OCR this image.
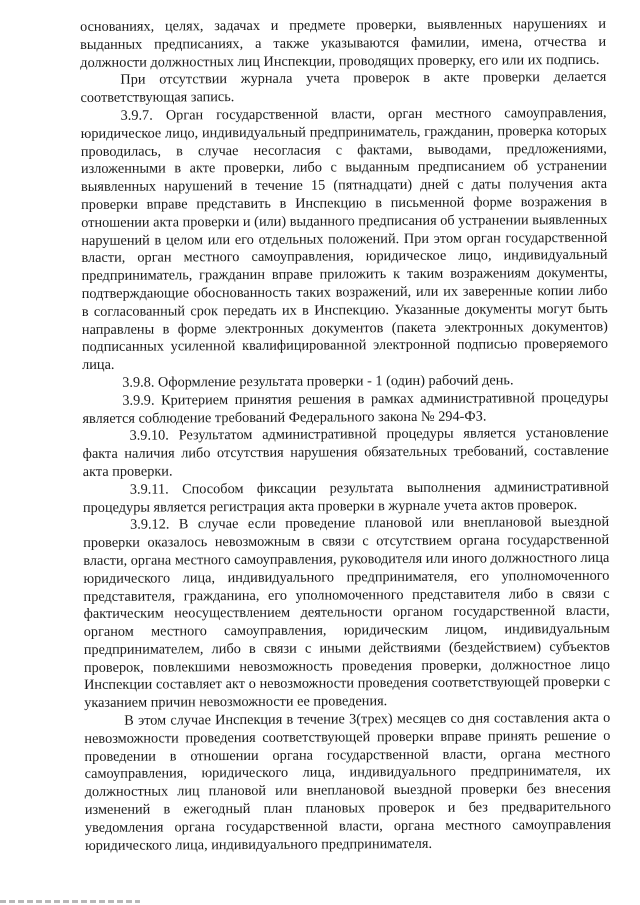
основаниях, целях, задачах и предмете проверки, выявленных нарушениях и выданных предписаниях, а также указываются фамилии, имена, отчества и должности должностных лиц Инспекции, проводящих проверку, его или их подпись.

При отсутствии журнала учета проверок в акте проверки делается соответствующая запись.

3.9.7. Орган государственной власти, орган местного самоуправления, юридическое лицо, индивидуальный предприниматель, гражданин, проверка которых проводилась, в случае несогласия с фактами, выводами, предложениями, изложенными в акте проверки, либо с выданным предписанием об устранении выявленных нарушений в течение 15 (пятнадцати) дней с даты получения акта проверки вправе представить в Инспекцию в письменной форме возражения в отношении акта проверки и (или) выданного предписания об устранении выявленных нарушений в целом или его отдельных положений. При этом орган государственной власти, орган местного самоуправления, юридическое лицо, индивидуальный предприниматель, гражданин вправе приложить к таким возражениям документы, подтверждающие обоснованность таких возражений, или их заверенные копии либо в согласованный срок передать их в Инспекцию. Указанные документы могут быть направлены в форме электронных документов (пакета электронных документов) подписанных усиленной квалифицированной электронной подписью проверяемого лица.

3.9.8. Оформление результата проверки - 1 (один) рабочий день.

3.9.9. Критерием принятия решения в рамках административной процедуры является соблюдение требований Федерального закона № 294-ФЗ.

3.9.10. Результатом административной процедуры является установление факта наличия либо отсутствия нарушения обязательных требований, составление акта проверки.

3.9.11. Способом фиксации результата выполнения административной процедуры является регистрация акта проверки в журнале учета актов проверок.

3.9.12. В случае если проведение плановой или внеплановой выездной проверки оказалось невозможным в связи с отсутствием органа государственной власти, органа местного самоуправления, руководителя или иного должностного лица юридического лица, индивидуального предпринимателя, его уполномоченного представителя, гражданина, его уполномоченного представителя либо в связи с фактическим неосуществлением деятельности органом государственной власти, органом местного самоуправления, юридическим лицом, индивидуальным предпринимателем, либо в связи с иными действиями (бездействием) субъектов проверок, повлекшими невозможность проведения проверки, должностное лицо Инспекции составляет акт о невозможности проведения соответствующей проверки с указанием причин невозможности ее проведения.

В этом случае Инспекция в течение 3(трех) месяцев со дня составления акта о невозможности проведения соответствующей проверки вправе принять решение о проведении в отношении органа государственной власти, органа местного самоуправления, юридического лица, индивидуального предпринимателя, их должностных лиц плановой или внеплановой выездной проверки без внесения изменений в ежегодный план плановых проверок и без предварительного уведомления органа государственной власти, органа местного самоуправления юридического лица, индивидуального предпринимателя.
